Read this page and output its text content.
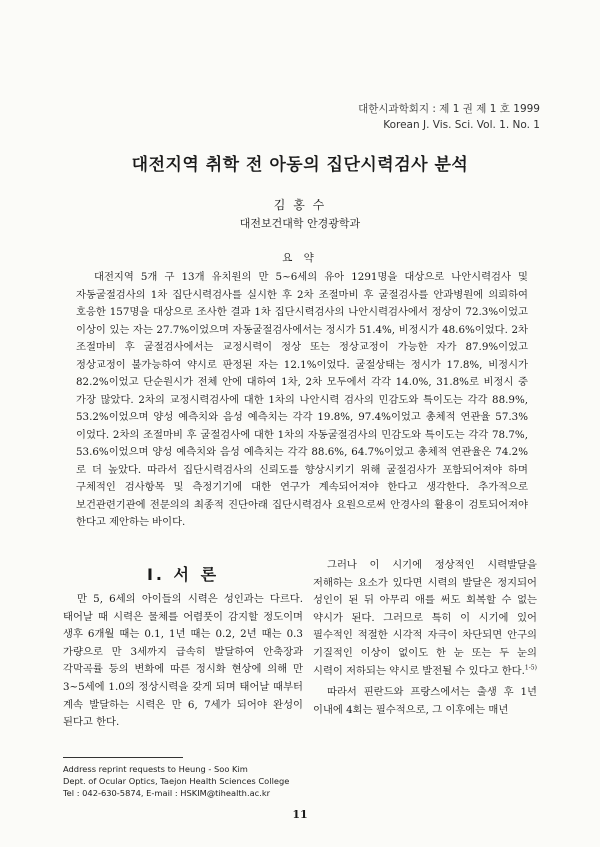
대한시과학회지 : 제 1 권 제 1 호 1999
Korean J. Vis. Sci. Vol. 1. No. 1
대전지역 취학 전 아동의 집단시력검사 분석
김 홍 수
대전보건대학 안경광학과
요 약

대전지역 5개 구 13개 유치원의 만 5~6세의 유아 1291명을 대상으로 나안시력검사 및 자동굴절검사의 1차 집단시력검사를 실시한 후 2차 조절마비 후 굴절검사를 안과병원에 의뢰하여 호응한 157명을 대상으로 조사한 결과 1차 집단시력검사의 나안시력검사에서 정상이 72.3%이었고 이상이 있는 자는 27.7%이었으며 자동굴절검사에서는 정시가 51.4%, 비정시가 48.6%이었다. 2차 조절마비 후 굴절검사에서는 교정시력이 정상 또는 정상교정이 가능한 자가 87.9%이었고 정상교정이 불가능하여 약시로 판정된 자는 12.1%이었다. 굴절상태는 정시가 17.8%, 비정시가 82.2%이었고 단순원시가 전체 안에 대하여 1차, 2차 모두에서 각각 14.0%, 31.8%로 비정시 중 가장 많았다. 2차의 교정시력검사에 대한 1차의 나안시력 검사의 민감도와 특이도는 각각 88.9%, 53.2%이었으며 양성 예측치와 음성 예측치는 각각 19.8%, 97.4%이었고 총체적 연관율 57.3%이었다. 2차의 조절마비 후 굴절검사에 대한 1차의 자동굴절검사의 민감도와 특이도는 각각 78.7%, 53.6%이었으며 양성 예측치와 음성 예측치는 각각 88.6%, 64.7%이었고 총체적 연관율은 74.2%로 더 높았다. 따라서 집단시력검사의 신뢰도를 향상시키기 위해 굴절검사가 포함되어져야 하며 구체적인 검사항목 및 측정기기에 대한 연구가 계속되어져야 한다고 생각한다. 추가적으로 보건관련기관에 전문의의 최종적 진단아래 집단시력검사 요원으로써 안경사의 활용이 검토되어져야 한다고 제안하는 바이다.

I. 서 론

만 5, 6세의 아이들의 시력은 성인과는 다르다. 태어날 때 시력은 물체를 어렴풋이 감지할 정도이며 생후 6개월 때는 0.1, 1년 때는 0.2, 2년 때는 0.3 가량으로 만 3세까지 급속히 발달하여 안축장과 각막곡률 등의 변화에 따른 정시화 현상에 의해 만 3~5세에 1.0의 정상시력을 갖게 되며 태어날 때부터 계속 발달하는 시력은 만 6, 7세가 되어야 완성이 된다고 한다.

그러나 이 시기에 정상적인 시력발달을 저해하는 요소가 있다면 시력의 발달은 정지되어 성인이 된 뒤 아무리 애를 써도 회복할 수 없는 약시가 된다. 그러므로 특히 이 시기에 있어 필수적인 적절한 시각적 자극이 차단되면 안구의 기질적인 이상이 없이도 한 눈 또는 두 눈의 시력이 저하되는 약시로 발전될 수 있다고 한다.$^{1-5)}$

따라서 핀란드와 프랑스에서는 출생 후 1년 이내에 4회는 필수적으로, 그 이후에는 매년

Address reprint requests to Heung - Soo Kim
Dept. of Ocular Optics, Taejon Health Sciences College
Tel : 042-630-5874, E-mail : HSKIM@tihealth.ac.kr
11
